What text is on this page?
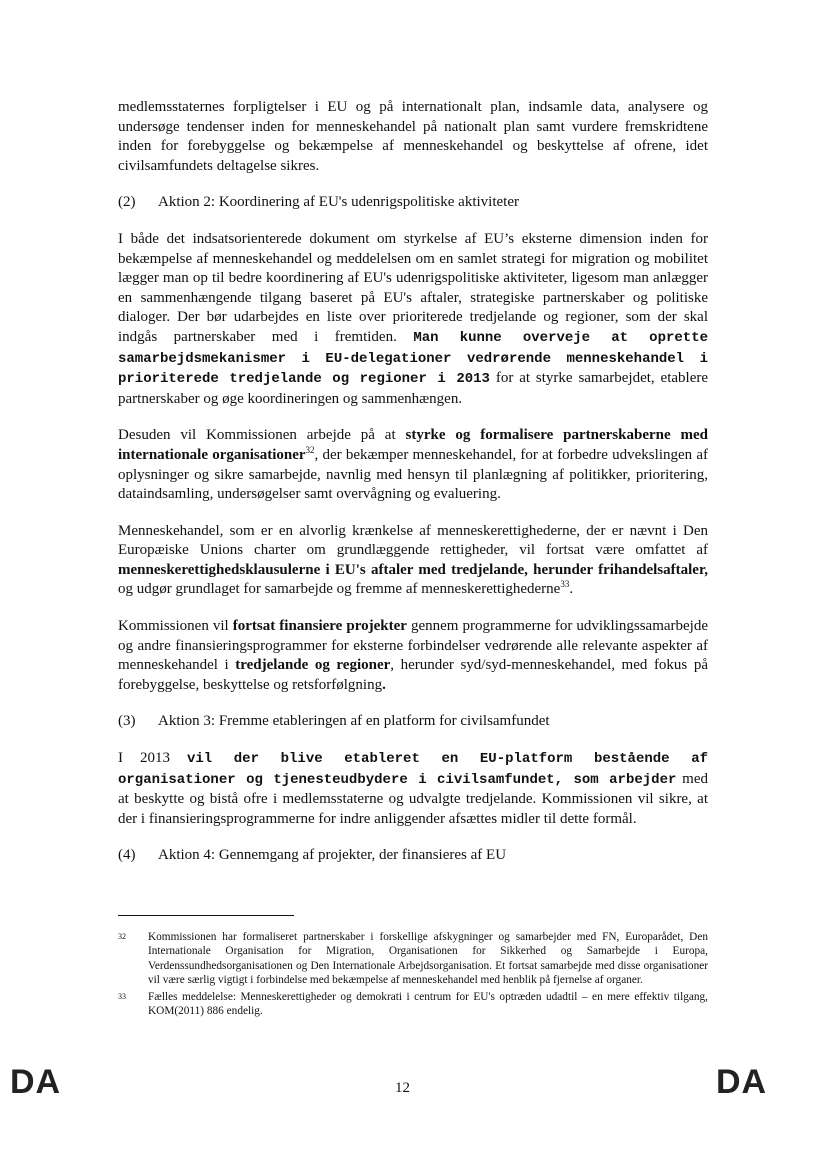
medlemsstaternes forpligtelser i EU og på internationalt plan, indsamle data, analysere og undersøge tendenser inden for menneskehandel på nationalt plan samt vurdere fremskridtene inden for forebyggelse og bekæmpelse af menneskehandel og beskyttelse af ofrene, idet civilsamfundets deltagelse sikres.

(2)	Aktion 2: Koordinering af EU's udenrigspolitiske aktiviteter

I både det indsatsorienterede dokument om styrkelse af EU’s eksterne dimension inden for bekæmpelse af menneskehandel og meddelelsen om en samlet strategi for migration og mobilitet lægger man op til bedre koordinering af EU's udenrigspolitiske aktiviteter, ligesom man anlægger en sammenhængende tilgang baseret på EU's aftaler, strategiske partnerskaber og politiske dialoger. Der bør udarbejdes en liste over prioriterede tredjelande og regioner, som der skal indgås partnerskaber med i fremtiden. Man kunne overveje at oprette samarbejdsmekanismer i EU-delegationer vedrørende menneskehandel i prioriterede tredjelande og regioner i 2013 for at styrke samarbejdet, etablere partnerskaber og øge koordineringen og sammenhængen.

Desuden vil Kommissionen arbejde på at styrke og formalisere partnerskaberne med internationale organisationer$^{32}$, der bekæmper menneskehandel, for at forbedre udvekslingen af oplysninger og sikre samarbejde, navnlig med hensyn til planlægning af politikker, prioritering, dataindsamling, undersøgelser samt overvågning og evaluering.

Menneskehandel, som er en alvorlig krænkelse af menneskerettighederne, der er nævnt i Den Europæiske Unions charter om grundlæggende rettigheder, vil fortsat være omfattet af menneskerettighedsklausulerne i EU's aftaler med tredjelande, herunder frihandelsaftaler, og udgør grundlaget for samarbejde og fremme af menneskerettighederne$^{33}$.

Kommissionen vil fortsat finansiere projekter gennem programmerne for udviklingssamarbejde og andre finansieringsprogrammer for eksterne forbindelser vedrørende alle relevante aspekter af menneskehandel i tredjelande og regioner, herunder syd/syd-menneskehandel, med fokus på forebyggelse, beskyttelse og retsforfølgning.

(3)	Aktion 3: Fremme etableringen af en platform for civilsamfundet

I 2013 vil der blive etableret en EU-platform bestående af organisationer og tjenesteudbydere i civilsamfundet, som arbejder med at beskytte og bistå ofre i medlemsstaterne og udvalgte tredjelande. Kommissionen vil sikre, at der i finansieringsprogrammerne for indre anliggender afsættes midler til dette formål.

(4)	Aktion 4: Gennemgang af projekter, der finansieres af EU
32	Kommissionen har formaliseret partnerskaber i forskellige afskygninger og samarbejder med FN, Europarådet, Den Internationale Organisation for Migration, Organisationen for Sikkerhed og Samarbejde i Europa, Verdenssundhedsorganisationen og Den Internationale Arbejdsorganisation. Et fortsat samarbejde med disse organisationer vil være særlig vigtigt i forbindelse med bekæmpelse af menneskehandel med henblik på fjernelse af organer.
33	Fælles meddelelse: Menneskerettigheder og demokrati i centrum for EU's optræden udadtil – en mere effektiv tilgang, KOM(2011) 886 endelig.
DA	12	DA
